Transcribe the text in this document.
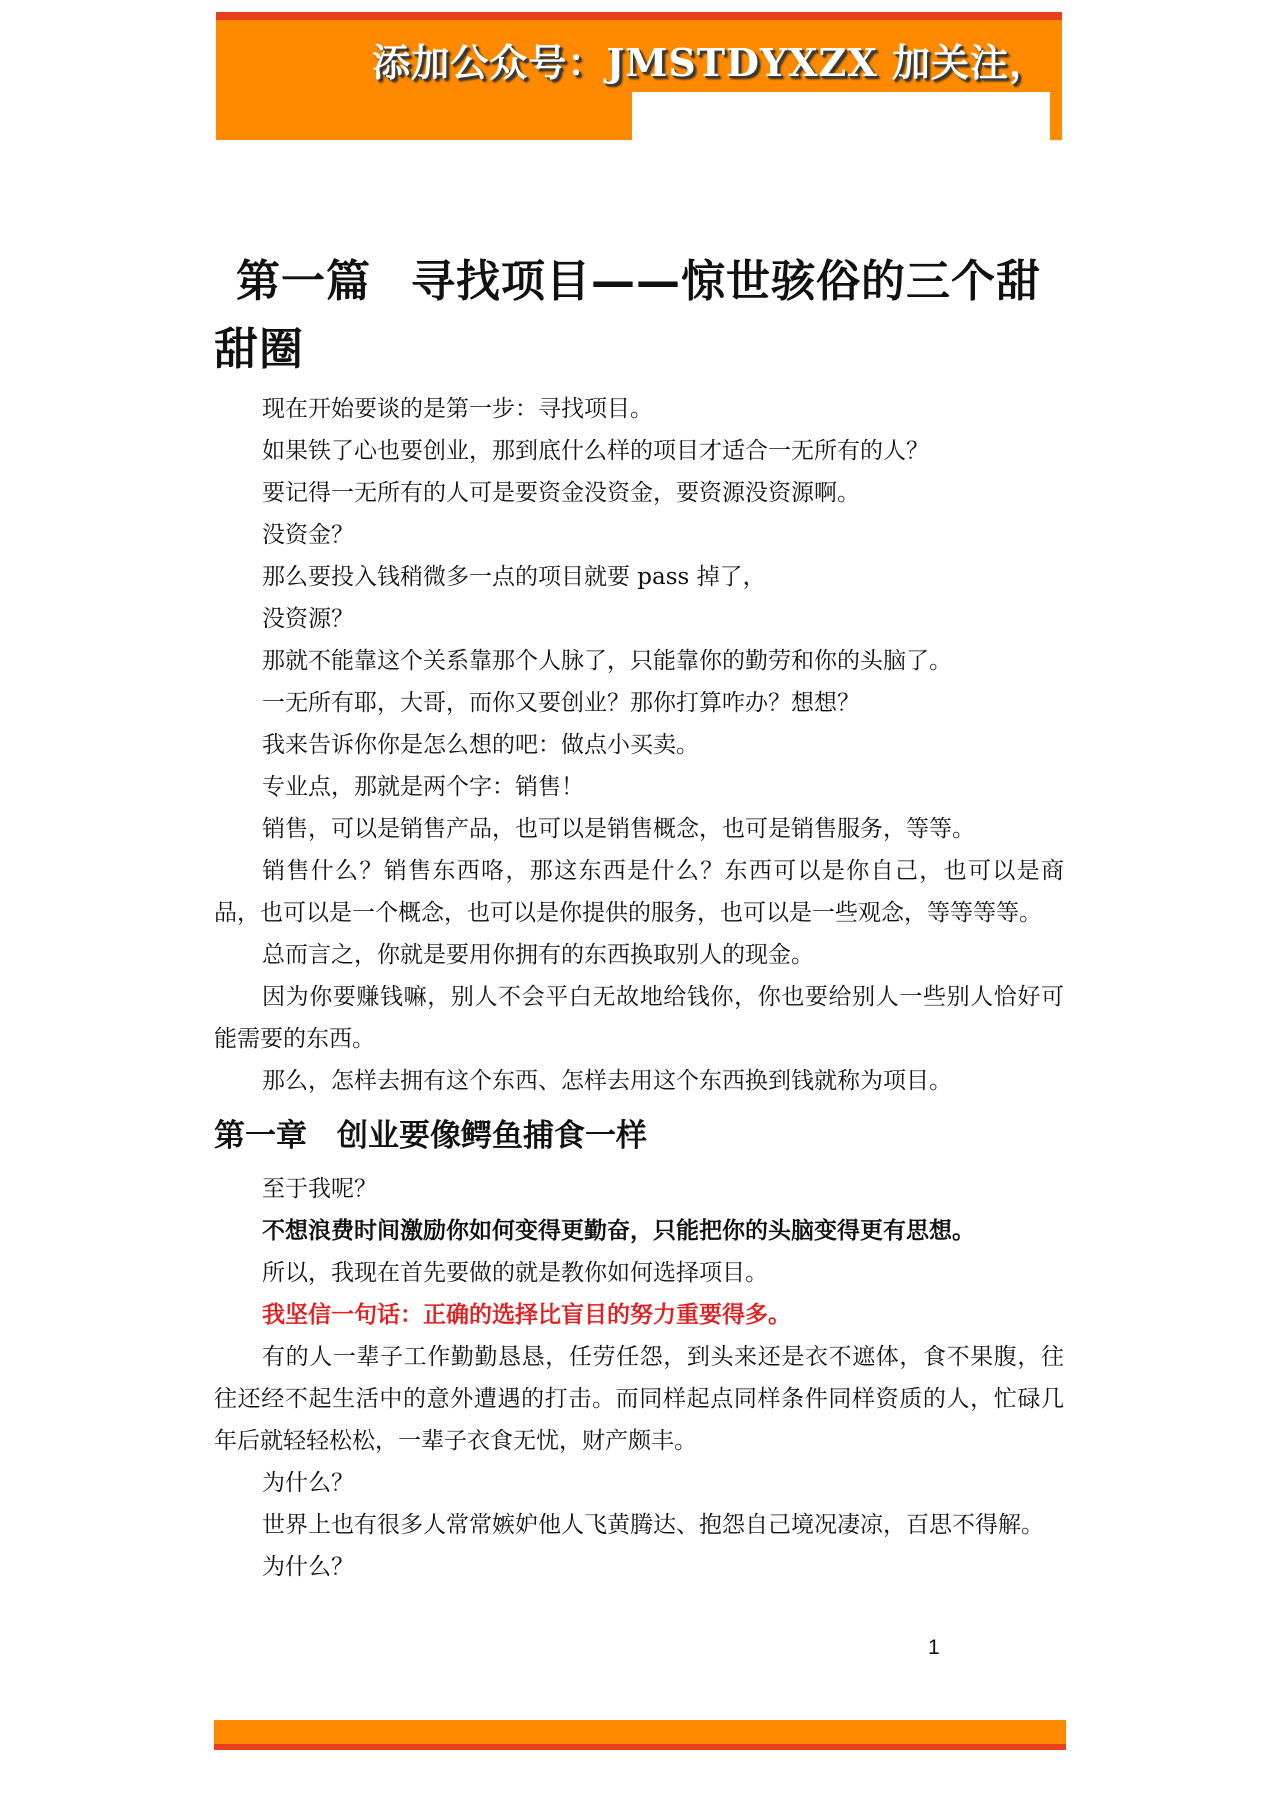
添加公众号：JMSTDYXZX 加关注，
第一篇 寻找项目——惊世骇俗的三个甜甜圈

现在开始要谈的是第一步：寻找项目。

如果铁了心也要创业，那到底什么样的项目才适合一无所有的人？

要记得一无所有的人可是要资金没资金，要资源没资源啊。

没资金？

那么要投入钱稍微多一点的项目就要 pass 掉了，

没资源？

那就不能靠这个关系靠那个人脉了，只能靠你的勤劳和你的头脑了。

一无所有耶，大哥，而你又要创业？那你打算咋办？想想？

我来告诉你你是怎么想的吧：做点小买卖。

专业点，那就是两个字：销售！

销售，可以是销售产品，也可以是销售概念，也可是销售服务，等等。

销售什么？销售东西咯，那这东西是什么？东西可以是你自己，也可以是商品，也可以是一个概念，也可以是你提供的服务，也可以是一些观念，等等等等。

总而言之，你就是要用你拥有的东西换取别人的现金。

因为你要赚钱嘛，别人不会平白无故地给钱你，你也要给别人一些别人恰好可能需要的东西。

那么，怎样去拥有这个东西、怎样去用这个东西换到钱就称为项目。

第一章 创业要像鳄鱼捕食一样

至于我呢？

不想浪费时间激励你如何变得更勤奋，只能把你的头脑变得更有思想。

所以，我现在首先要做的就是教你如何选择项目。

我坚信一句话：正确的选择比盲目的努力重要得多。

有的人一辈子工作勤勤恳恳，任劳任怨，到头来还是衣不遮体，食不果腹，往往还经不起生活中的意外遭遇的打击。而同样起点同样条件同样资质的人，忙碌几年后就轻轻松松，一辈子衣食无忧，财产颇丰。

为什么？

世界上也有很多人常常嫉妒他人飞黄腾达、抱怨自己境况凄凉，百思不得解。

为什么？

1
